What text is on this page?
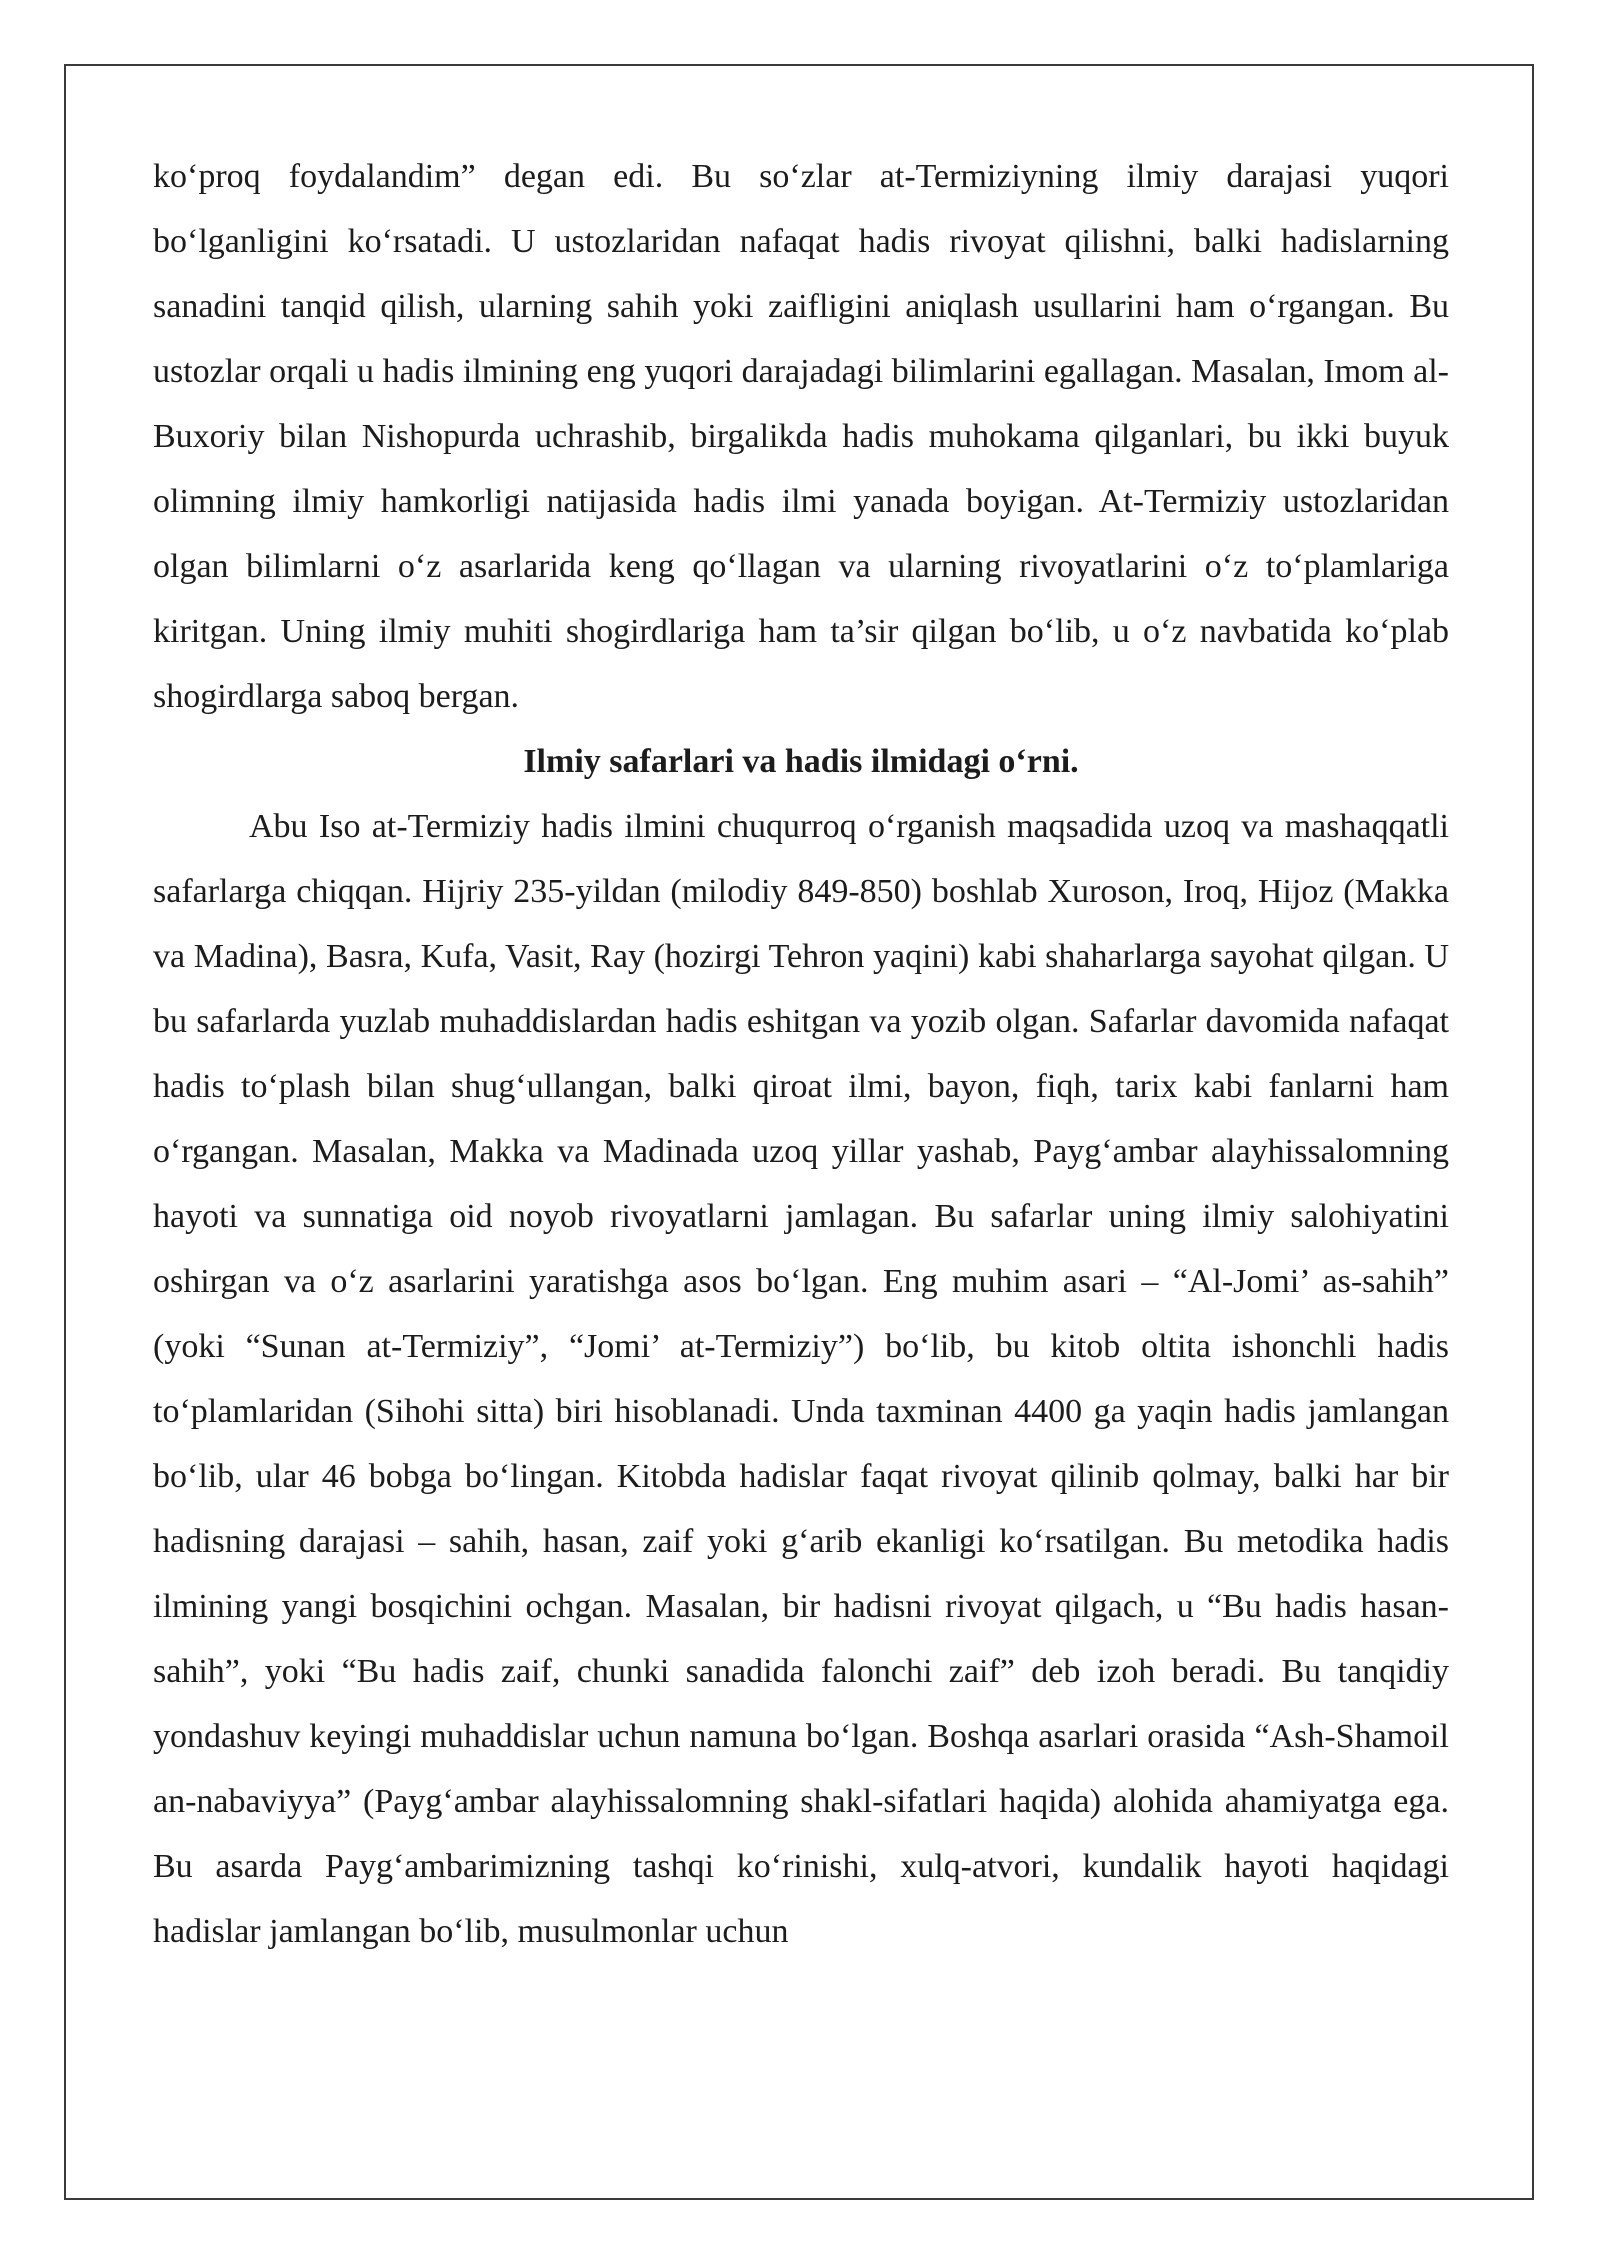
ko‘proq foydalandim” degan edi. Bu so‘zlar at-Termiziyning ilmiy darajasi yuqori bo‘lganligini ko‘rsatadi. U ustozlaridan nafaqat hadis rivoyat qilishni, balki hadislarning sanadini tanqid qilish, ularning sahih yoki zaifligini aniqlash usullarini ham o‘rgangan. Bu ustozlar orqali u hadis ilmining eng yuqori darajadagi bilimlarini egallagan. Masalan, Imom al-Buxoriy bilan Nishopurda uchrashib, birgalikda hadis muhokama qilganlari, bu ikki buyuk olimning ilmiy hamkorligi natijasida hadis ilmi yanada boyigan. At-Termiziy ustozlaridan olgan bilimlarni o‘z asarlarida keng qo‘llagan va ularning rivoyatlarini o‘z to‘plamlariga kiritgan. Uning ilmiy muhiti shogirdlariga ham ta’sir qilgan bo‘lib, u o‘z navbatida ko‘plab shogirdlarga saboq bergan.

Ilmiy safarlari va hadis ilmidagi o‘rni.

Abu Iso at-Termiziy hadis ilmini chuqurroq o‘rganish maqsadida uzoq va mashaqqatli safarlarga chiqqan. Hijriy 235-yildan (milodiy 849-850) boshlab Xuroson, Iroq, Hijoz (Makka va Madina), Basra, Kufa, Vasit, Ray (hozirgi Tehron yaqini) kabi shaharlarga sayohat qilgan. U bu safarlarda yuzlab muhaddislardan hadis eshitgan va yozib olgan. Safarlar davomida nafaqat hadis to‘plash bilan shug‘ullangan, balki qiroat ilmi, bayon, fiqh, tarix kabi fanlarni ham o‘rgangan. Masalan, Makka va Madinada uzoq yillar yashab, Payg‘ambar alayhissalomning hayoti va sunnatiga oid noyob rivoyatlarni jamlagan. Bu safarlar uning ilmiy salohiyatini oshirgan va o‘z asarlarini yaratishga asos bo‘lgan. Eng muhim asari – “Al-Jomi’ as-sahih” (yoki “Sunan at-Termiziy”, “Jomi’ at-Termiziy”) bo‘lib, bu kitob oltita ishonchli hadis to‘plamlaridan (Sihohi sitta) biri hisoblanadi. Unda taxminan 4400 ga yaqin hadis jamlangan bo‘lib, ular 46 bobga bo‘lingan. Kitobda hadislar faqat rivoyat qilinib qolmay, balki har bir hadisning darajasi – sahih, hasan, zaif yoki g‘arib ekanligi ko‘rsatilgan. Bu metodika hadis ilmining yangi bosqichini ochgan. Masalan, bir hadisni rivoyat qilgach, u “Bu hadis hasan-sahih”, yoki “Bu hadis zaif, chunki sanadida falonchi zaif” deb izoh beradi. Bu tanqidiy yondashuv keyingi muhaddislar uchun namuna bo‘lgan. Boshqa asarlari orasida “Ash-Shamoil an-nabaviyya” (Payg‘ambar alayhissalomning shakl-sifatlari haqida) alohida ahamiyatga ega. Bu asarda Payg‘ambarimizning tashqi ko‘rinishi, xulq-atvori, kundalik hayoti haqidagi hadislar jamlangan bo‘lib, musulmonlar uchun
